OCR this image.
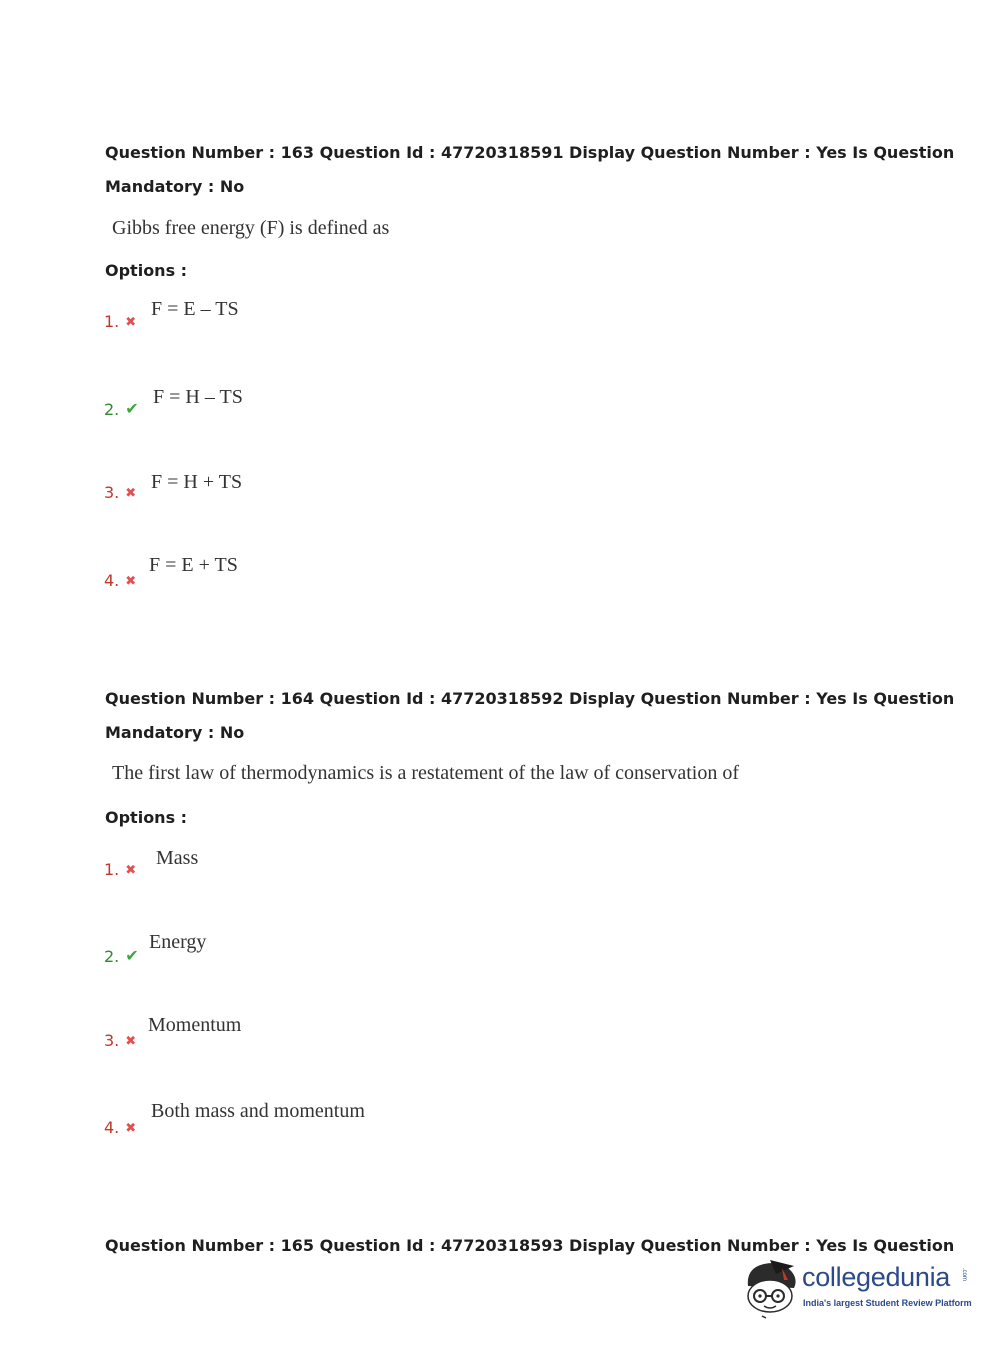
Question Number : 163 Question Id : 47720318591 Display Question Number : Yes Is Question
Mandatory : No
Gibbs free energy (F) is defined as
Options :
1. ✖
F = E – TS
2. ✔
F = H – TS
3. ✖
F = H + TS
4. ✖
F = E + TS
Question Number : 164 Question Id : 47720318592 Display Question Number : Yes Is Question
Mandatory : No
The first law of thermodynamics is a restatement of the law of conservation of
Options :
1. ✖
Mass
2. ✔
Energy
3. ✖
Momentum
4. ✖
Both mass and momentum
Question Number : 165 Question Id : 47720318593 Display Question Number : Yes Is Question
collegedunia .com
India's largest Student Review Platform
